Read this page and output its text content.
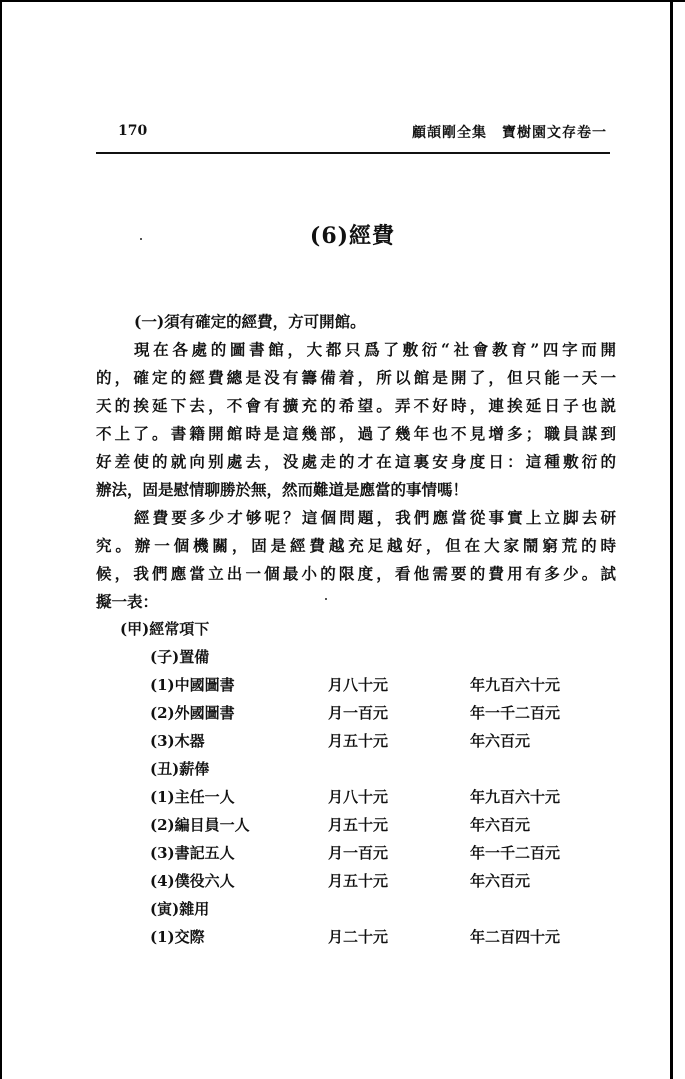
170	顧頡剛全集　寶樹園文存卷一
(6)經費
(一)須有確定的經費，方可開館。
現在各處的圖書館，大都只爲了敷衍“社會教育”四字而開
的，確定的經費總是没有籌備着，所以館是開了，但只能一天一
天的挨延下去，不會有擴充的希望。弄不好時，連挨延日子也説
不上了。書籍開館時是這幾部，過了幾年也不見增多；職員謀到
好差使的就向别處去，没處走的才在這裏安身度日：這種敷衍的
辦法，固是慰情聊勝於無，然而難道是應當的事情嗎！
經費要多少才够呢？這個問題，我們應當從事實上立脚去研
究。辦一個機關，固是經費越充足越好，但在大家鬧窮荒的時
候，我們應當立出一個最小的限度，看他需要的費用有多少。試
擬一表：
(甲)經常項下
(子)置備
(1)中國圖書	月八十元	年九百六十元
(2)外國圖書	月一百元	年一千二百元
(3)木器	月五十元	年六百元
(丑)薪俸
(1)主任一人	月八十元	年九百六十元
(2)編目員一人	月五十元	年六百元
(3)書記五人	月一百元	年一千二百元
(4)僕役六人	月五十元	年六百元
(寅)雜用
(1)交際	月二十元	年二百四十元
